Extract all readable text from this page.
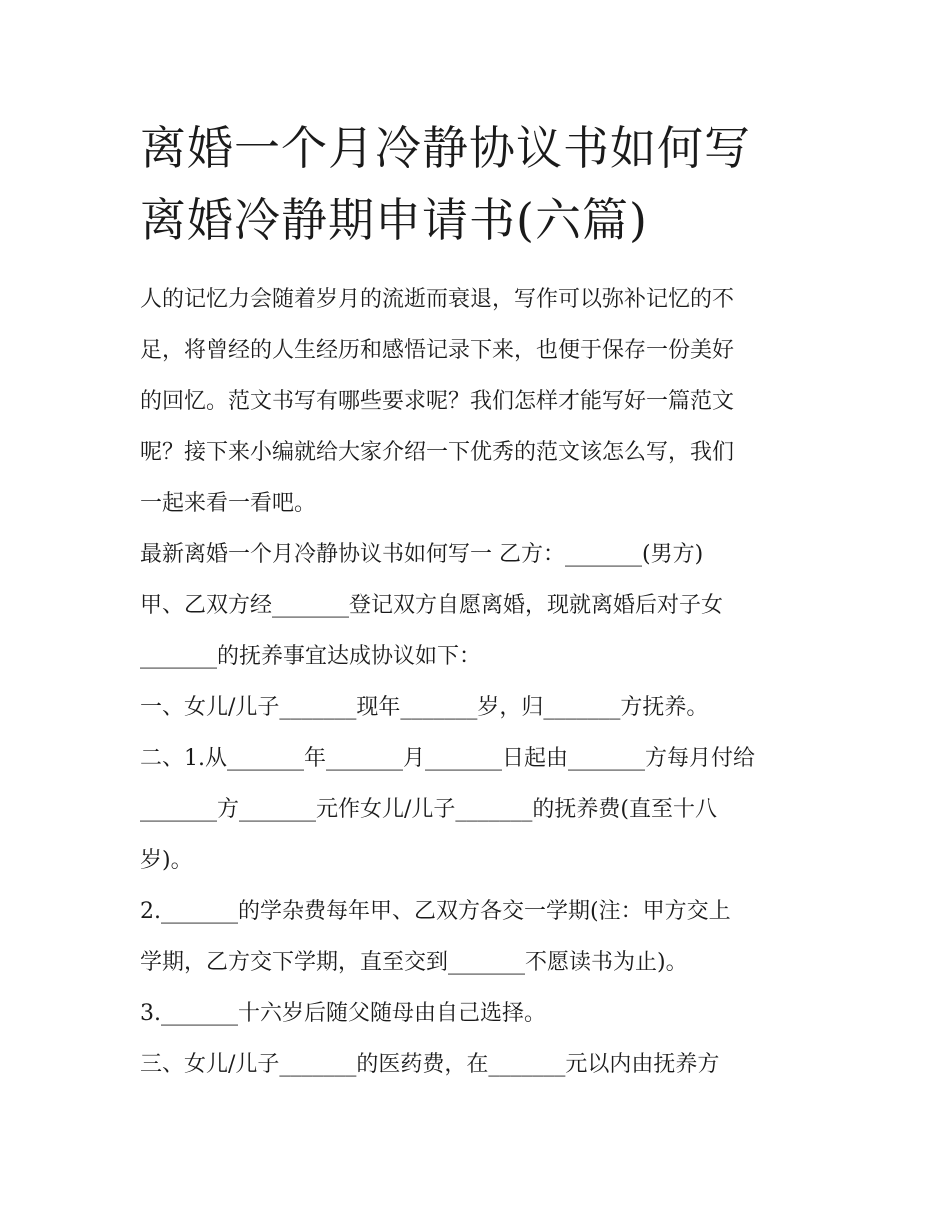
离婚一个月冷静协议书如何写
离婚冷静期申请书(六篇)

人的记忆力会随着岁月的流逝而衰退，写作可以弥补记忆的不

足，将曾经的人生经历和感悟记录下来，也便于保存一份美好

的回忆。范文书写有哪些要求呢？我们怎样才能写好一篇范文

呢？接下来小编就给大家介绍一下优秀的范文该怎么写，我们

一起来看一看吧。

最新离婚一个月冷静协议书如何写一 乙方：_______(男方)

甲、乙双方经_______登记双方自愿离婚，现就离婚后对子女

_______的抚养事宜达成协议如下：

一、女儿/儿子_______现年_______岁，归_______方抚养。

二、1.从_______年_______月_______日起由_______方每月付给

_______方_______元作女儿/儿子_______的抚养费(直至十八

岁)。

2._______的学杂费每年甲、乙双方各交一学期(注：甲方交上

学期，乙方交下学期，直至交到_______不愿读书为止)。

3._______十六岁后随父随母由自己选择。

三、女儿/儿子_______的医药费，在_______元以内由抚养方
